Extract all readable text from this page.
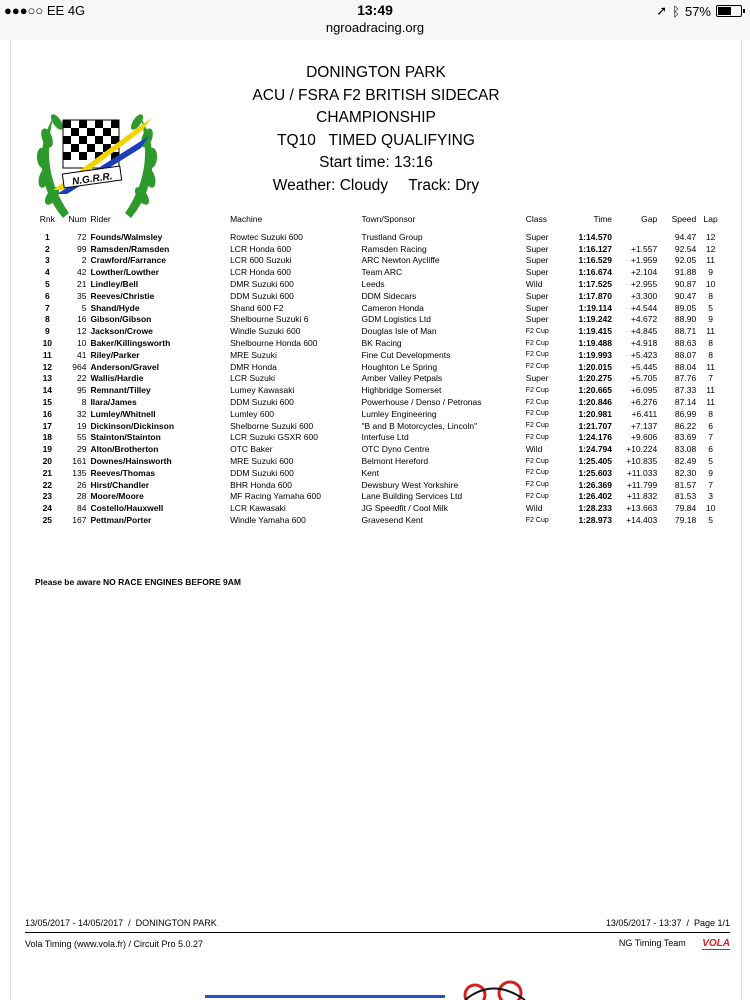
●●●○○ EE 4G	13:49	➚ ᛒ 57%
ngroadracing.org
N.G.R.R.
DONINGTON PARK
ACU / FSRA F2 BRITISH SIDECAR
CHAMPIONSHIP
TQ10   TIMED QUALIFYING
Start time: 13:16
Weather: Cloudy Track: Dry
Rnk	Num	Rider	Machine	Town/Sponsor	Class	Time	Gap	Speed	Lap

1	72	Founds/Walmsley	Rowtec Suzuki 600	Trustland Group	Super	1:14.570		94.47	12
2	99	Ramsden/Ramsden	LCR Honda 600	Ramsden Racing	Super	1:16.127	+1.557	92.54	12
3	2	Crawford/Farrance	LCR 600 Suzuki	ARC Newton Aycliffe	Super	1:16.529	+1.959	92.05	11
4	42	Lowther/Lowther	LCR Honda 600	Team ARC	Super	1:16.674	+2.104	91.88	9
5	21	Lindley/Bell	DMR Suzuki 600	Leeds	Wild	1:17.525	+2.955	90.87	10
6	35	Reeves/Christie	DDM Suzuki 600	DDM Sidecars	Super	1:17.870	+3.300	90.47	8
7	5	Shand/Hyde	Shand 600 F2	Cameron Honda	Super	1:19.114	+4.544	89.05	5
8	16	Gibson/Gibson	Shelbourne Suzuki 6	GDM Logistics Ltd	Super	1:19.242	+4.672	88.90	9
9	12	Jackson/Crowe	Windle Suzuki 600	Douglas Isle of Man	F2 Cup	1:19.415	+4.845	88.71	11
10	10	Baker/Killingsworth	Shelbourne Honda 600	BK Racing	F2 Cup	1:19.488	+4.918	88.63	8
11	41	Riley/Parker	MRE Suzuki	Fine Cut Developments	F2 Cup	1:19.993	+5.423	88.07	8
12	964	Anderson/Gravel	DMR Honda	Houghton Le Spring	F2 Cup	1:20.015	+5.445	88.04	11
13	22	Wallis/Hardie	LCR Suzuki	Amber Valley Petpals	Super	1:20.275	+5.705	87.76	7
14	95	Remnant/Tilley	Lumey Kawasaki	Highbridge Somerset	F2 Cup	1:20.665	+6.095	87.33	11
15	8	Ilara/James	DDM Suzuki 600	Powerhouse / Denso / Petronas	F2 Cup	1:20.846	+6.276	87.14	11
16	32	Lumley/Whitnell	Lumley 600	Lumley Engineering	F2 Cup	1:20.981	+6.411	86.99	8
17	19	Dickinson/Dickinson	Shelborne Suzuki 600	"B and B Motorcycles, Lincoln"	F2 Cup	1:21.707	+7.137	86.22	6
18	55	Stainton/Stainton	LCR Suzuki GSXR 600	Interfuse Ltd	F2 Cup	1:24.176	+9.606	83.69	7
19	29	Alton/Brotherton	OTC Baker	OTC Dyno Centre	Wild	1:24.794	+10.224	83.08	6
20	161	Downes/Hainsworth	MRE Suzuki 600	Belmont Hereford	F2 Cup	1:25.405	+10.835	82.49	5
21	135	Reeves/Thomas	DDM Suzuki 600	Kent	F2 Cup	1:25.603	+11.033	82.30	9
22	26	Hirst/Chandler	BHR Honda 600	Dewsbury West Yorkshire	F2 Cup	1:26.369	+11.799	81.57	7
23	28	Moore/Moore	MF Racing Yamaha 600	Lane Building Services Ltd	F2 Cup	1:26.402	+11.832	81.53	3
24	84	Costello/Hauxwell	LCR Kawasaki	JG Speedfit / Cool Milk	Wild	1:28.233	+13.663	79.84	10
25	167	Pettman/Porter	Windle Yamaha 600	Gravesend Kent	F2 Cup	1:28.973	+14.403	79.18	5
Please be aware NO RACE ENGINES BEFORE 9AM
13/05/2017 - 14/05/2017  /  DONINGTON PARK	13/05/2017 - 13:37  /  Page 1/1
Vola Timing (www.vola.fr) / Circuit Pro 5.0.27	NG Timing Team VOLA
